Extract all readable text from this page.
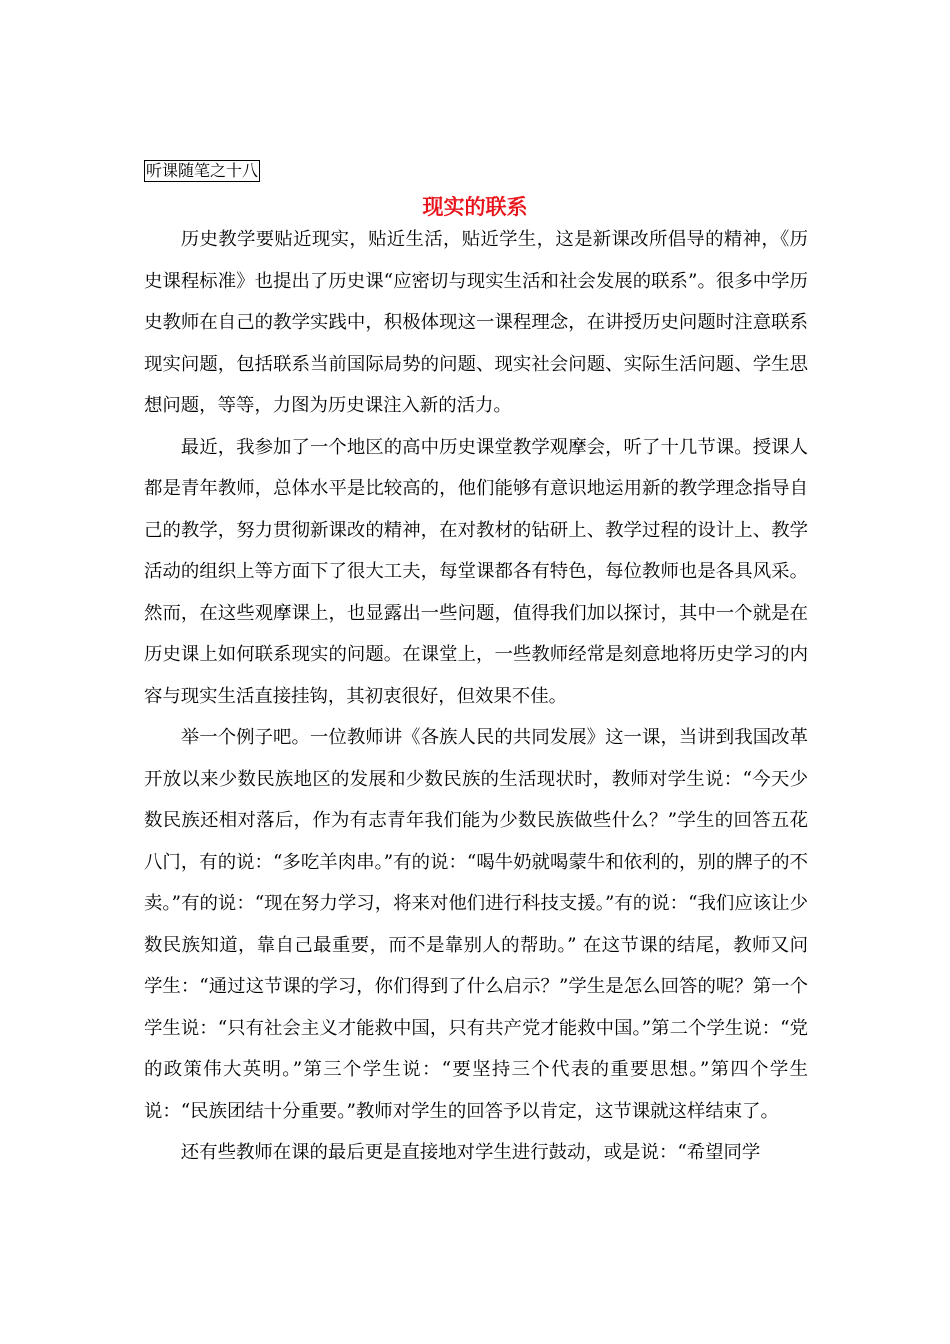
听课随笔之十八
现实的联系

历史教学要贴近现实，贴近生活，贴近学生，这是新课改所倡导的精神，《历史课程标准》也提出了历史课“应密切与现实生活和社会发展的联系”。很多中学历史教师在自己的教学实践中，积极体现这一课程理念，在讲授历史问题时注意联系现实问题，包括联系当前国际局势的问题、现实社会问题、实际生活问题、学生思想问题，等等，力图为历史课注入新的活力。

最近，我参加了一个地区的高中历史课堂教学观摩会，听了十几节课。授课人都是青年教师，总体水平是比较高的，他们能够有意识地运用新的教学理念指导自己的教学，努力贯彻新课改的精神，在对教材的钻研上、教学过程的设计上、教学活动的组织上等方面下了很大工夫，每堂课都各有特色，每位教师也是各具风采。然而，在这些观摩课上，也显露出一些问题，值得我们加以探讨，其中一个就是在历史课上如何联系现实的问题。在课堂上，一些教师经常是刻意地将历史学习的内容与现实生活直接挂钩，其初衷很好，但效果不佳。

举一个例子吧。一位教师讲《各族人民的共同发展》这一课，当讲到我国改革开放以来少数民族地区的发展和少数民族的生活现状时，教师对学生说：“今天少数民族还相对落后，作为有志青年我们能为少数民族做些什么？”学生的回答五花八门，有的说：“多吃羊肉串。”有的说：“喝牛奶就喝蒙牛和依利的，别的牌子的不卖。”有的说：“现在努力学习，将来对他们进行科技支援。”有的说：“我们应该让少数民族知道，靠自己最重要，而不是靠别人的帮助。” 在这节课的结尾，教师又问学生：“通过这节课的学习，你们得到了什么启示？”学生是怎么回答的呢？第一个学生说：“只有社会主义才能救中国，只有共产党才能救中国。”第二个学生说：“党的政策伟大英明。”第三个学生说：“要坚持三个代表的重要思想。”第四个学生说：“民族团结十分重要。”教师对学生的回答予以肯定，这节课就这样结束了。

还有些教师在课的最后更是直接地对学生进行鼓动，或是说：“希望同学
